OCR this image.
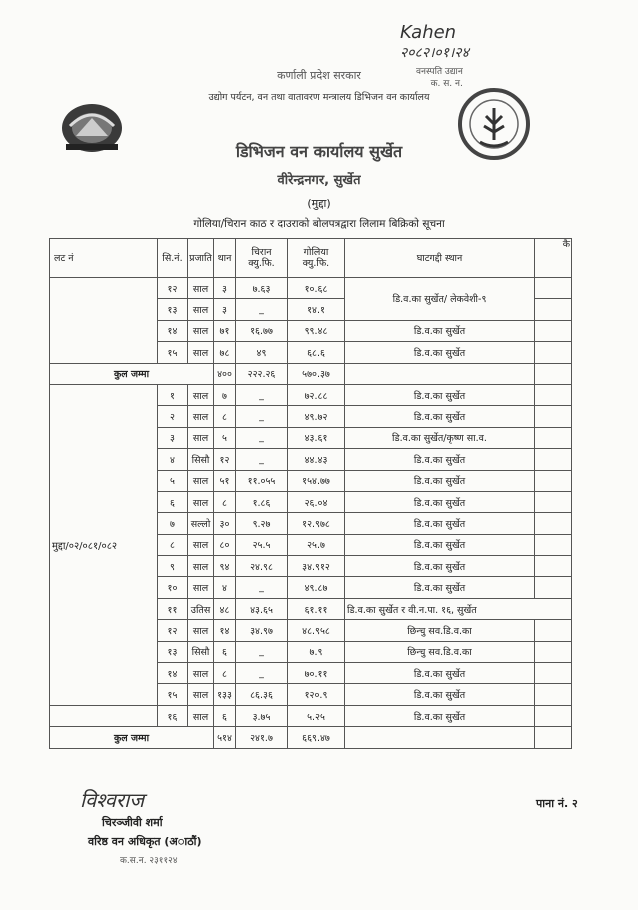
Kahen
२०८२।०१।२४
वनस्पति उद्यान
क. स. न.
कर्णाली प्रदेश सरकार
उद्योग पर्यटन, वन तथा वातावरण मन्त्रालय डिभिजन वन कार्यालय
डिभिजन वन कार्यालय सुर्खेत
वीरेन्द्रनगर, सुर्खेत
(मुद्दा)
गोलिया/चिरान काठ र दाउराको बोलपत्रद्वारा लिलाम बिक्रिको सूचना
लट नं	सि.नं.	प्रजाति	थान	चिरान क्यु.फि.	गोलिया क्यु.फि.	घाटगद्दी स्थान	कै
	१२	साल	३	७.६३	१०.६८	डि.व.का सुर्खेत/ लेकवेशी-९	
	१३	साल	३	_	१४.१		
	१४	साल	७१	१६.७७	९९.४८	डि.व.का सुर्खेत	
	१५	साल	७८	४९	६८.६	डि.व.का सुर्खेत	
कुल जम्मा			४००	२२२.२६	५७०.३७		
मुद्दा/०२/०८१/०८२	१	साल	७	_	७२.८८	डि.व.का सुर्खेत	
	२	साल	८	_	४९.७२	डि.व.का सुर्खेत	
	३	साल	५	_	४३.६१	डि.व.का सुर्खेत/कृष्ण सा.व.	
	४	सिसौ	१२	_	४४.४३	डि.व.का सुर्खेत	
	५	साल	५१	११.०५५	१५४.७७	डि.व.का सुर्खेत	
	६	साल	८	१.८६	२६.०४	डि.व.का सुर्खेत	
	७	सल्लो	३०	९.२७	१२.९७८	डि.व.का सुर्खेत	
	८	साल	८०	२५.५	२५.७	डि.व.का सुर्खेत	
	९	साल	९४	२४.९८	३४.९१२	डि.व.का सुर्खेत	
	१०	साल	४	_	४९.८७	डि.व.का सुर्खेत	
	११	उतिस	४८	४३.६५	६१.११	डि.व.का सुर्खेत र वी.न.पा. १६, सुर्खेत	
	१२	साल	१४	३४.९७	४८.९५८	छिन्चु सव.डि.व.का	
	१३	सिसौ	६	_	७.९	छिन्चु सव.डि.व.का	
	१४	साल	८	_	७०.११	डि.व.का सुर्खेत	
	१५	साल	१३३	८६.३६	१२०.९	डि.व.का सुर्खेत	
	१६	साल	६	३.७५	५.२५	डि.व.का सुर्खेत	
कुल जम्मा			५१४	२४१.७	६६९.४७		
विश्वराज
चिरञ्जीवी शर्मा
वरिष्ठ वन अधिकृत (अाठौं)
क.स.न. २३११२४
पाना नं. २
